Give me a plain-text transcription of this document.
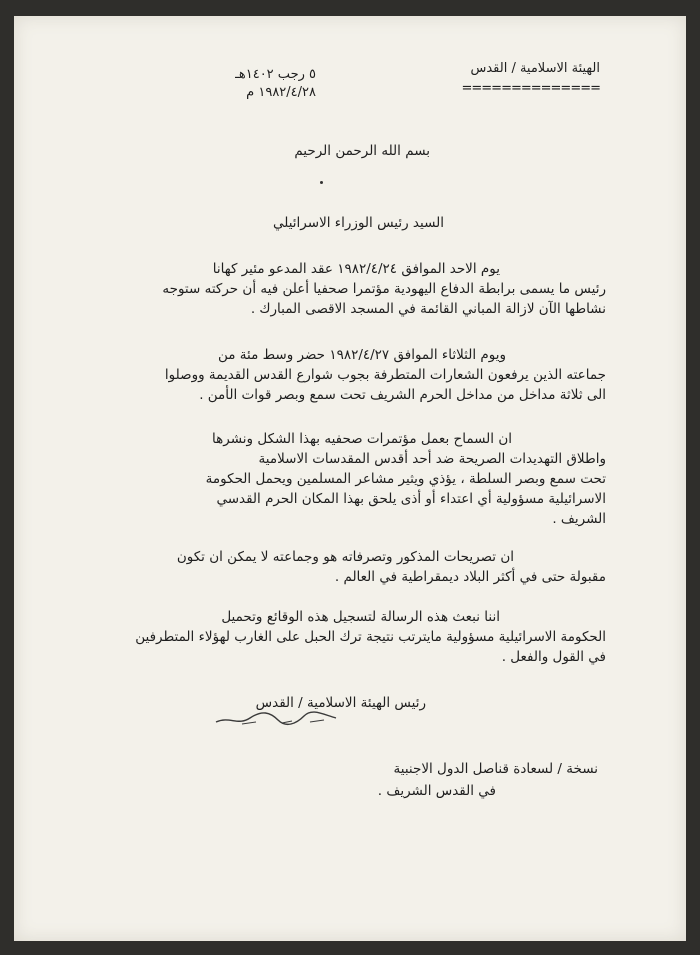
الهيئة الاسلامية / القدس
==============
٥ رجب ١٤٠٢هـ
١٩٨٢/٤/٢٨ م
بسم الله الرحمن الرحيم
السيد رئيس الوزراء الاسرائيلي
يوم الاحد الموافق ١٩٨٢/٤/٢٤ عقد المدعو مئير كهانا
رئيس ما يسمى برابطة الدفاع اليهودية مؤتمرا صحفيا أعلن فيه أن حركته ستوجه
نشاطها الآن لازالة المباني القائمة في المسجد الاقصى المبارك .
ويوم الثلاثاء الموافق ١٩٨٢/٤/٢٧ حضر وسط مئة من
جماعته الذين يرفعون الشعارات المتطرفة بجوب شوارع القدس القديمة ووصلوا
الى ثلاثة مداخل من مداخل الحرم الشريف تحت سمع وبصر قوات الأمن .
ان السماح بعمل مؤتمرات صحفيه بهذا الشكل ونشرها
واطلاق التهديدات الصريحة ضد أحد أقدس المقدسات الاسلامية
تحت سمع وبصر السلطة ، يؤذي ويثير مشاعر المسلمين ويحمل الحكومة
الاسرائيلية مسؤولية أي اعتداء أو أذى يلحق بهذا المكان الحرم القدسي
الشريف .
ان تصريحات المذكور وتصرفاته هو وجماعته لا يمكن ان تكون
مقبولة حتى في أكثر البلاد ديمقراطية في العالم .
اننا نبعث هذه الرسالة لتسجيل هذه الوقائع وتحميل
الحكومة الاسرائيلية مسؤولية مايترتب نتيجة ترك الحبل على الغارب لهؤلاء المتطرفين
في القول والفعل .
رئيس الهيئة الاسلامية / القدس
نسخة / لسعادة قناصل الدول الاجنبية
في القدس الشريف .
